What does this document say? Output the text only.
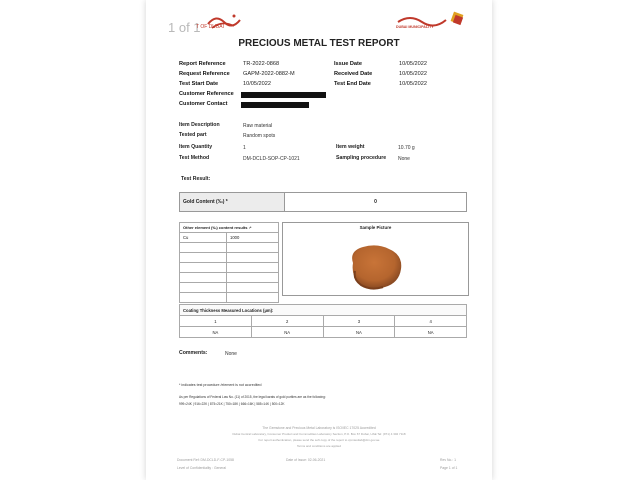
1 of 1
T OF DUBAI	DUBAI MUNICIPALITY
PRECIOUS METAL TEST REPORT
Report Reference	TR-2022-0868
Request Reference GAPM-2022-0882-M
Test Start Date	10/05/2022
Customer Reference
Customer Contact
Issue Date	10/05/2022
Received Date	10/05/2022
Test End Date	10/05/2022
Item Description	Raw material
Tested part	Random spots
Item Quantity	1	Item weight	10.70 g
Test Method	DM-DCLD-SOP-CP-1021	Sampling procedure None
Test Result:
Gold Content (‰) *	0
Other element (‰) content results :*	
Cu	1000

Sample Picture
Coating Thickness Measured Locations (µm):			
1	2	3	4
NA	NA	NA	NA
Comments:	None
* indicates test procedure /element is not accredited
As per Regulations of Federal Law No. (11) of 2015, the legal karats of gold purities are as the following:
999=24K | 916=22K | 875=21K | 750=18K | 666=16K | 585=14K | 500=12K
The Gemstone and Precious Metal Laboratory is ISO/IEC 17025 Accredited
Dubai Central Laboratory, Consumer Product and Commodities Laboratory Section, P.O. Box 67 Dubai, UAE Tel: (971) 4 302 7118
For report authentication, please send the soft copy of the report to cpmtestlab@dm.gov.ae
Terms and conditions are applied
Document Ref: DM-DCLD-F-CP-1058	Date of Issue: 02-06-2021	Rev No.: 1
Level of Confidentiality : General	Page 1 of 1
